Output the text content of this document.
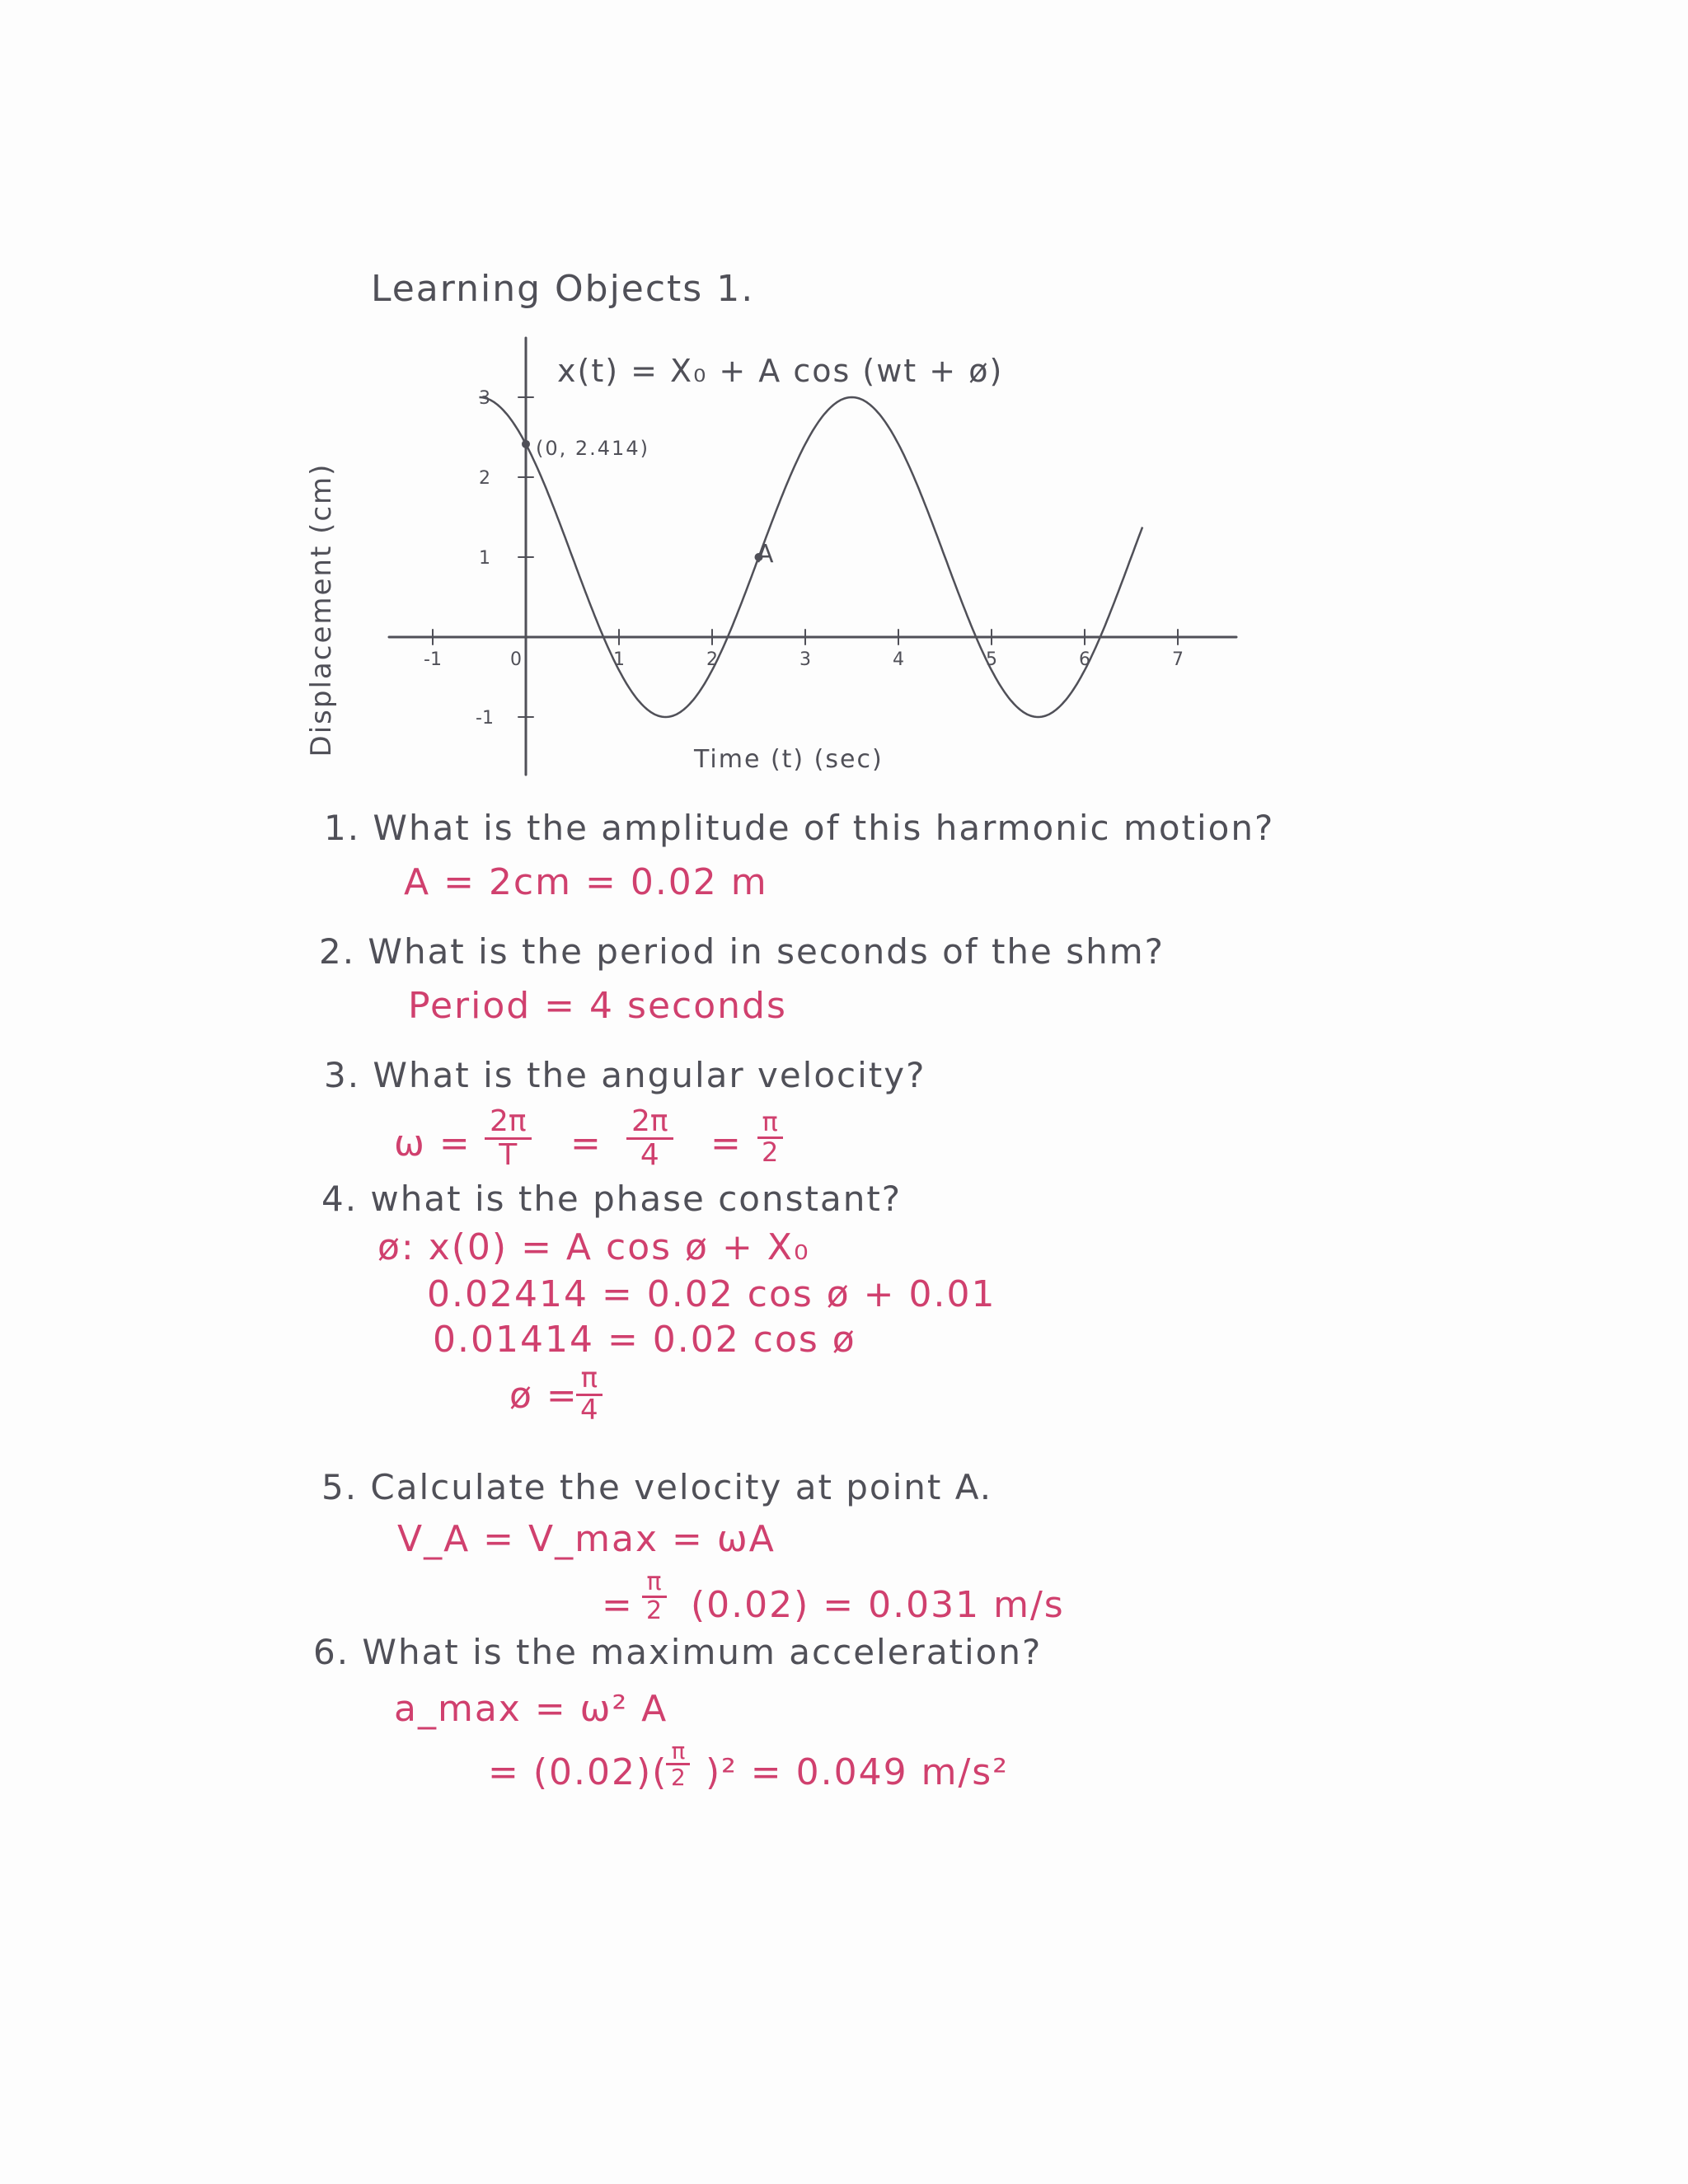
Learning Objects 1.
Displacement (cm)	-1	0	1	2	3	4	5	6	7
3
2
1
-1
x(t) = X₀ + A cos (wt + ø)
(0, 2.414)
A
Time (t) (sec)
1. What is the amplitude of this harmonic motion?
A = 2cm = 0.02 m
2. What is the period in seconds of the shm?
Period = 4 seconds
3. What is the angular velocity?
$\omega = \frac{2\pi}{T} = \frac{2\pi}{4} = \frac{\pi}{2}$
4. what is the phase constant?
ø: x(0) = A cos ø + X₀
0.02414 = 0.02 cos ø + 0.01
0.01414 = 0.02 cos ø
ø =
$\frac{\pi}{4}$
5. Calculate the velocity at point A.
V_A = V_max = ωA
= $\frac{\pi}{2} (0.02) = 0.031$ m/s
6. What is the maximum acceleration?
a_max = ω² A
= (0.02)(
$\frac{\pi}{2} )^2 = 0.049$ m/s²
